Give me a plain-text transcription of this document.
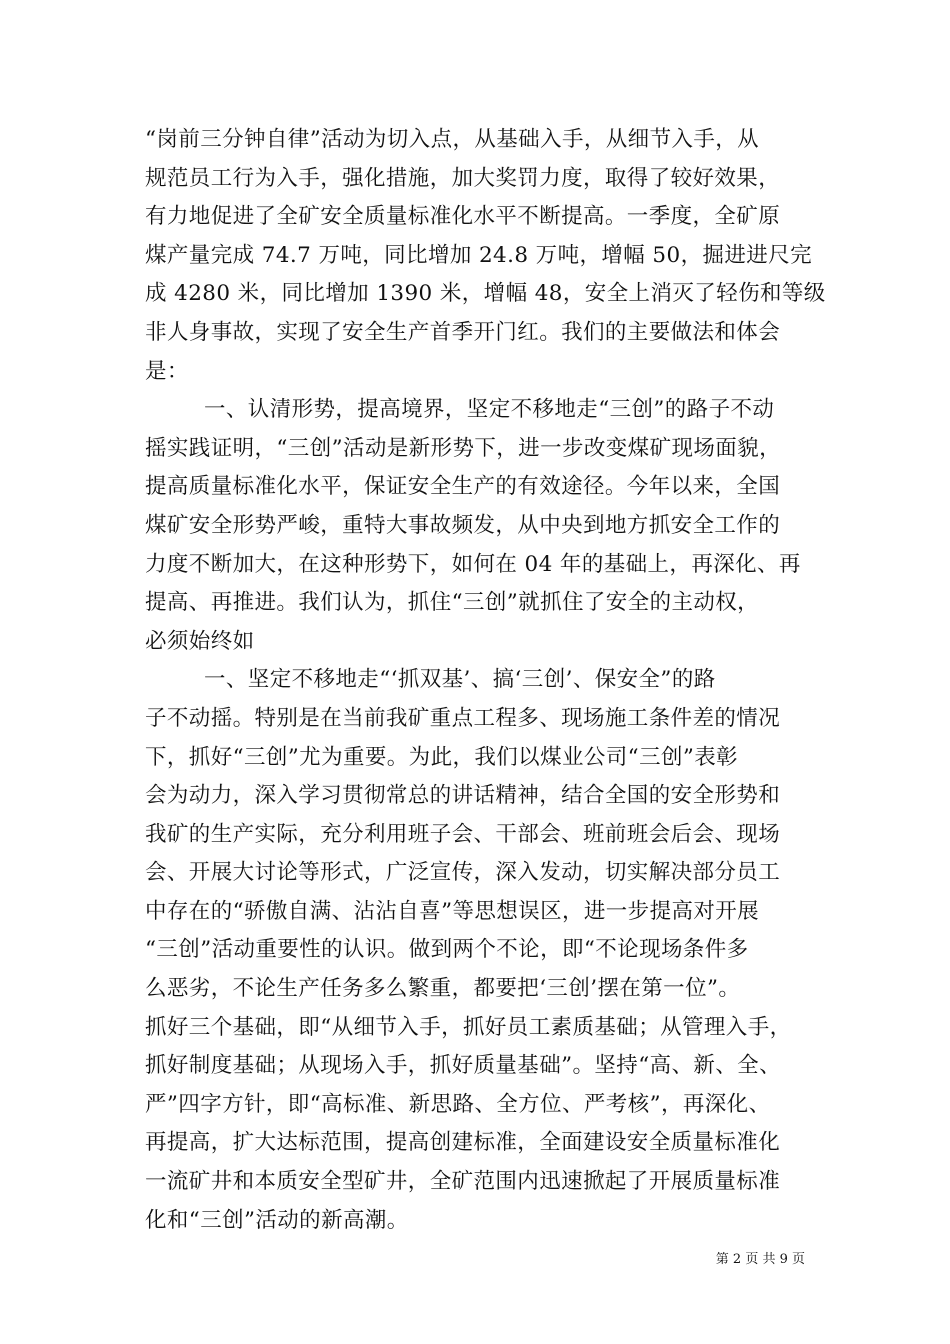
“岗前三分钟自律”活动为切入点，从基础入手，从细节入手，从
规范员工行为入手，强化措施，加大奖罚力度，取得了较好效果，
有力地促进了全矿安全质量标准化水平不断提高。一季度，全矿原
煤产量完成 74.7 万吨，同比增加 24.8 万吨，增幅 50，掘进进尺完
成 4280 米，同比增加 1390 米，增幅 48，安全上消灭了轻伤和等级
非人身事故，实现了安全生产首季开门红。我们的主要做法和体会
是：
一、认清形势，提高境界，坚定不移地走“三创”的路子不动
摇实践证明，“三创”活动是新形势下，进一步改变煤矿现场面貌，
提高质量标准化水平，保证安全生产的有效途径。今年以来，全国
煤矿安全形势严峻，重特大事故频发，从中央到地方抓安全工作的
力度不断加大，在这种形势下，如何在 04 年的基础上，再深化、再
提高、再推进。我们认为，抓住“三创”就抓住了安全的主动权，
必须始终如
一、坚定不移地走“‘抓双基’、搞‘三创’、保安全”的路
子不动摇。特别是在当前我矿重点工程多、现场施工条件差的情况
下，抓好“三创”尤为重要。为此，我们以煤业公司“三创”表彰
会为动力，深入学习贯彻常总的讲话精神，结合全国的安全形势和
我矿的生产实际，充分利用班子会、干部会、班前班会后会、现场
会、开展大讨论等形式，广泛宣传，深入发动，切实解决部分员工
中存在的“骄傲自满、沾沾自喜”等思想误区，进一步提高对开展
“三创”活动重要性的认识。做到两个不论，即“不论现场条件多
么恶劣，不论生产任务多么繁重，都要把‘三创’摆在第一位”。
抓好三个基础，即“从细节入手，抓好员工素质基础；从管理入手，
抓好制度基础；从现场入手，抓好质量基础”。坚持“高、新、全、
严”四字方针，即“高标准、新思路、全方位、严考核”，再深化、
再提高，扩大达标范围，提高创建标准，全面建设安全质量标准化
一流矿井和本质安全型矿井，全矿范围内迅速掀起了开展质量标准
化和“三创”活动的新高潮。
第 2 页 共 9 页
